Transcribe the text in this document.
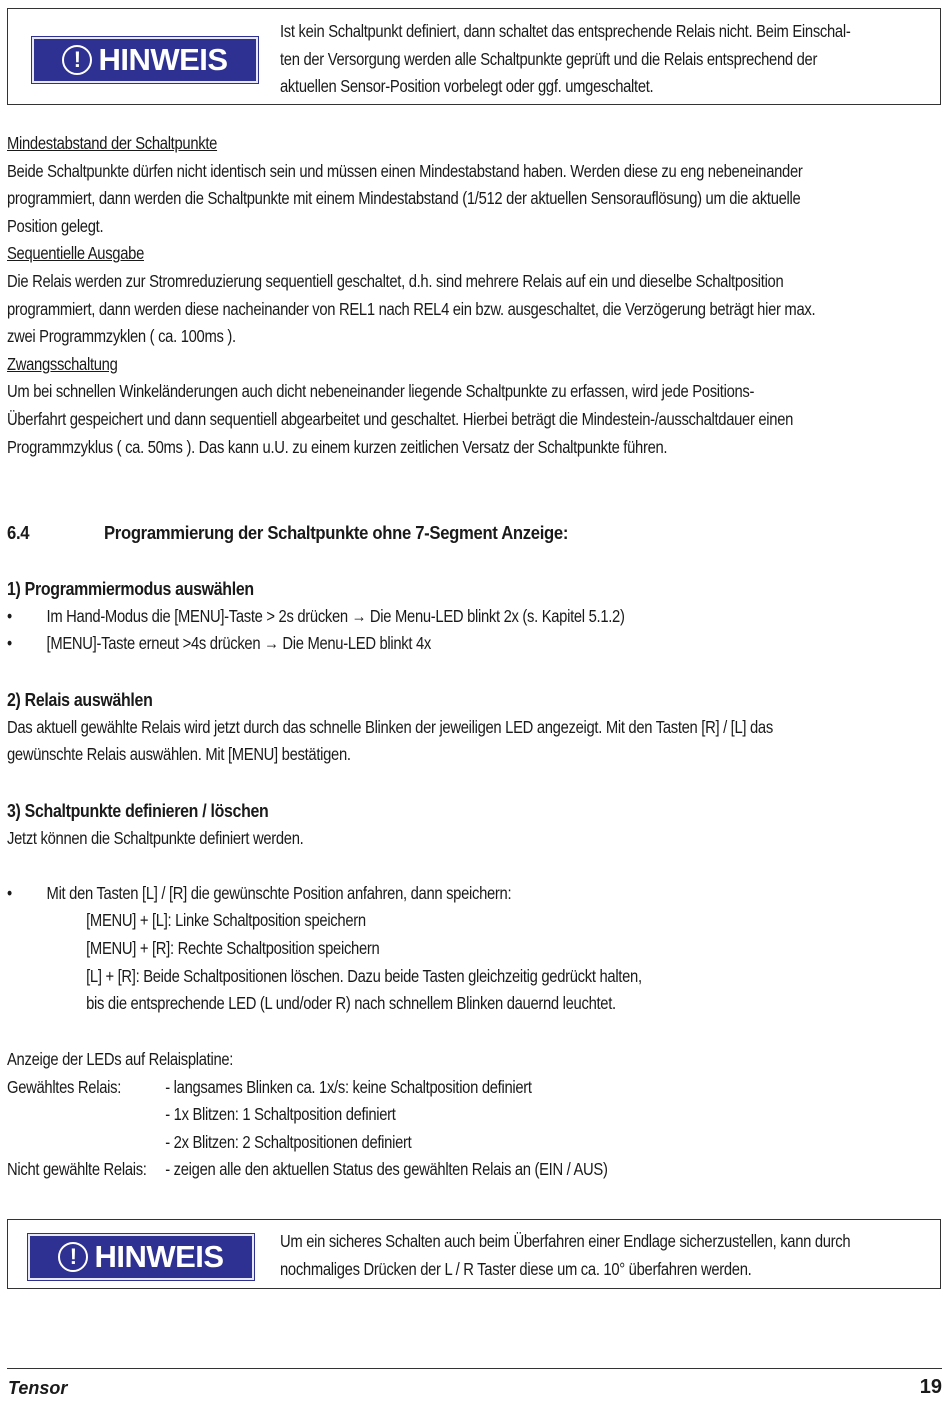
! HINWEIS
Ist kein Schaltpunkt definiert, dann schaltet das entsprechende Relais nicht. Beim Einschal-
ten der Versorgung werden alle Schaltpunkte geprüft und die Relais entsprechend der
aktuellen Sensor-Position vorbelegt oder ggf. umgeschaltet.
Mindestabstand der Schaltpunkte
Beide Schaltpunkte dürfen nicht identisch sein und müssen einen Mindestabstand haben. Werden diese zu eng nebeneinander
programmiert, dann werden die Schaltpunkte mit einem Mindestabstand (1/512 der aktuellen Sensorauflösung) um die aktuelle
Position gelegt.
Sequentielle Ausgabe
Die Relais werden zur Stromreduzierung sequentiell geschaltet, d.h. sind mehrere Relais auf ein und dieselbe Schaltposition
programmiert, dann werden diese nacheinander von REL1 nach REL4 ein bzw. ausgeschaltet, die Verzögerung beträgt hier max.
zwei Programmzyklen ( ca. 100ms ).
Zwangsschaltung
Um bei schnellen Winkeländerungen auch dicht nebeneinander liegende Schaltpunkte zu erfassen, wird jede Positions-
Überfahrt gespeichert und dann sequentiell abgearbeitet und geschaltet. Hierbei beträgt die Mindestein-/ausschaltdauer einen
Programmzyklus ( ca. 50ms ). Das kann u.U. zu einem kurzen zeitlichen Versatz der Schaltpunkte führen.
6.4	Programmierung der Schaltpunkte ohne 7-Segment Anzeige:
1) Programmiermodus auswählen
•	Im Hand-Modus die [MENU]-Taste > 2s drücken → Die Menu-LED blinkt 2x (s. Kapitel 5.1.2)
•	[MENU]-Taste erneut >4s drücken → Die Menu-LED blinkt 4x
2) Relais auswählen
Das aktuell gewählte Relais wird jetzt durch das schnelle Blinken der jeweiligen LED angezeigt. Mit den Tasten [R] / [L] das
gewünschte Relais auswählen. Mit [MENU] bestätigen.
3) Schaltpunkte definieren / löschen
Jetzt können die Schaltpunkte definiert werden.
•	Mit den Tasten [L] / [R] die gewünschte Position anfahren, dann speichern:
[MENU] + [L]: Linke Schaltposition speichern
[MENU] + [R]: Rechte Schaltposition speichern
[L] + [R]: Beide Schaltpositionen löschen. Dazu beide Tasten gleichzeitig gedrückt halten,
bis die entsprechende LED (L und/oder R) nach schnellem Blinken dauernd leuchtet.
Anzeige der LEDs auf Relaisplatine:
Gewähltes Relais:	- langsames Blinken ca. 1x/s: keine Schaltposition definiert
- 1x Blitzen: 1 Schaltposition definiert
- 2x Blitzen: 2 Schaltpositionen definiert
Nicht gewählte Relais:	- zeigen alle den aktuellen Status des gewählten Relais an (EIN / AUS)
! HINWEIS	Um ein sicheres Schalten auch beim Überfahren einer Endlage sicherzustellen, kann durch
nochmaliges Drücken der L / R Taster diese um ca. 10° überfahren werden.
Tensor	19
